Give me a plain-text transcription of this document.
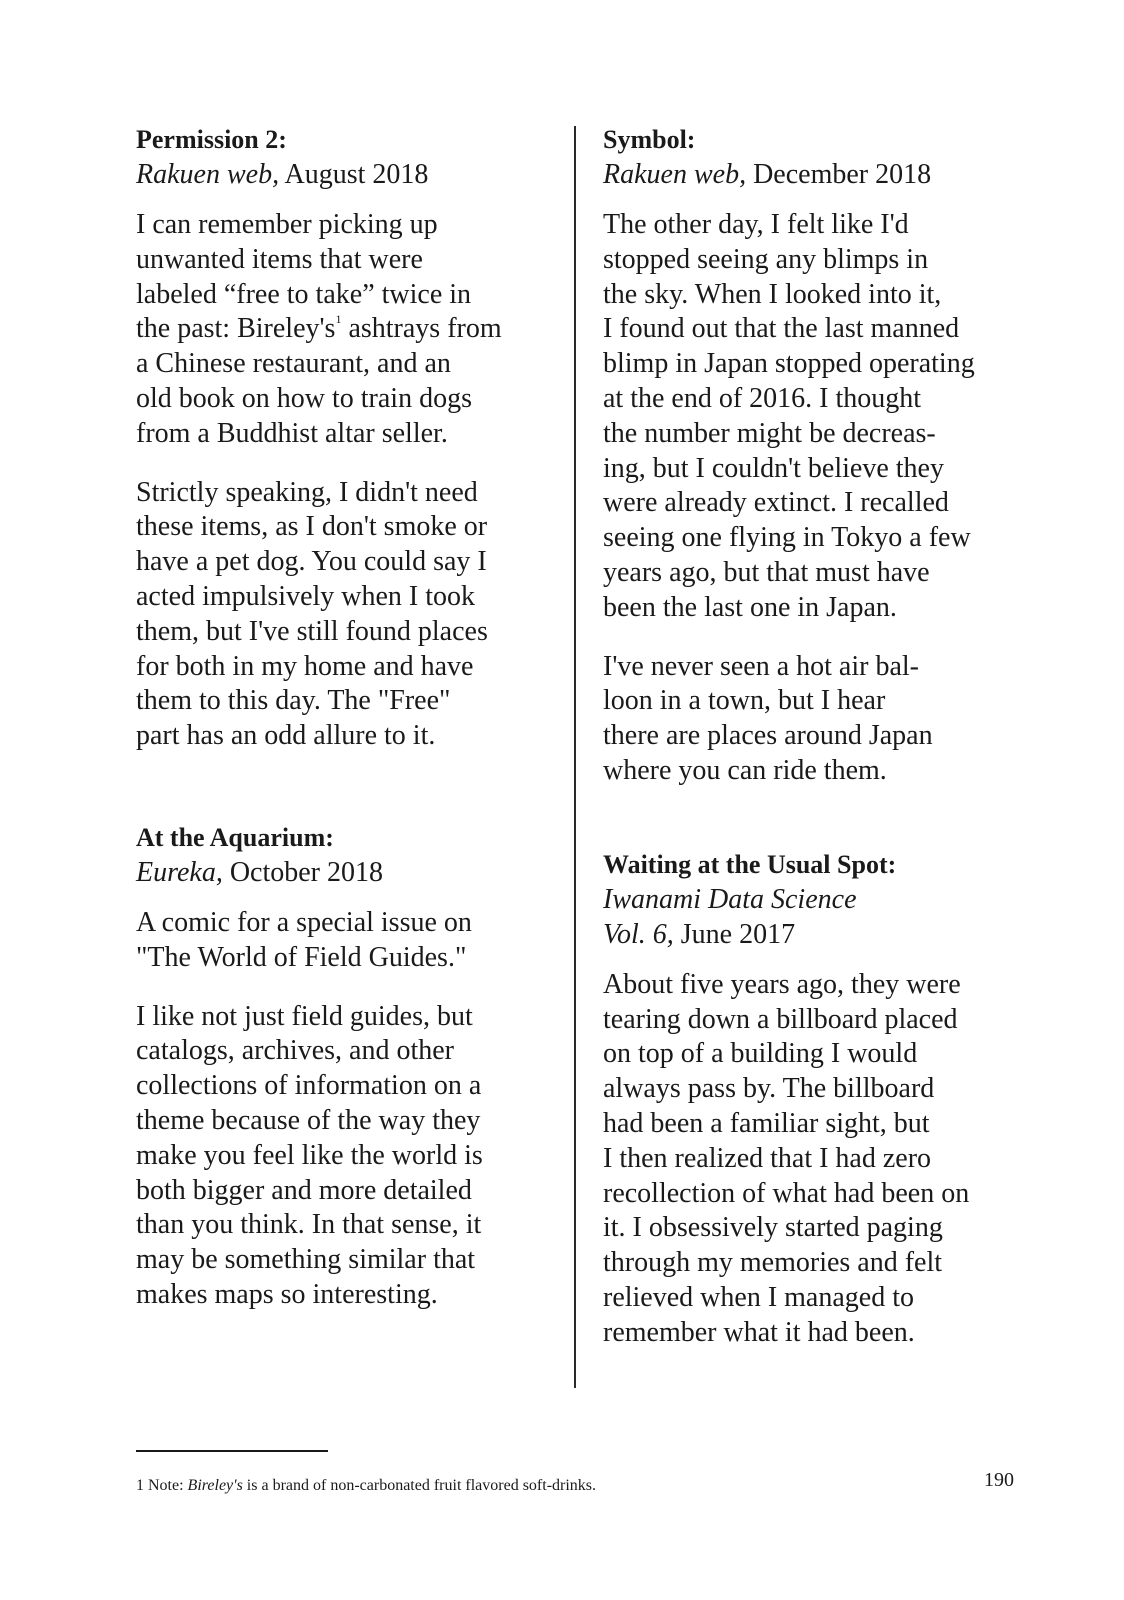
Permission 2:

Rakuen web, August 2018

I can remember picking up
unwanted items that were
labeled “free to take” twice in
the past: $Bireley's^1$ ashtrays from
a Chinese restaurant, and an
old book on how to train dogs
from a Buddhist altar seller.

Strictly speaking, I didn't need
these items, as I don't smoke or
have a pet dog. You could say I
acted impulsively when I took
them, but I've still found places
for both in my home and have
them to this day. The "Free"
part has an odd allure to it.

At the Aquarium:

Eureka, October 2018

A comic for a special issue on
"The World of Field Guides."

I like not just field guides, but
catalogs, archives, and other
collections of information on a
theme because of the way they
make you feel like the world is
both bigger and more detailed
than you think. In that sense, it
may be something similar that
makes maps so interesting.

Symbol:

Rakuen web, December 2018

The other day, I felt like I'd
stopped seeing any blimps in
the sky. When I looked into it,
I found out that the last manned
blimp in Japan stopped operating
at the end of 2016. I thought
the number might be decreas-
ing, but I couldn't believe they
were already extinct. I recalled
seeing one flying in Tokyo a few
years ago, but that must have
been the last one in Japan.

I've never seen a hot air bal-
loon in a town, but I hear
there are places around Japan
where you can ride them.

Waiting at the Usual Spot:

Iwanami Data Science

Vol. 6, June 2017

About five years ago, they were
tearing down a billboard placed
on top of a building I would
always pass by. The billboard
had been a familiar sight, but
I then realized that I had zero
recollection of what had been on
it. I obsessively started paging
through my memories and felt
relieved when I managed to
remember what it had been.

1 Note: Bireley's is a brand of non-carbonated fruit flavored soft-drinks.	190
